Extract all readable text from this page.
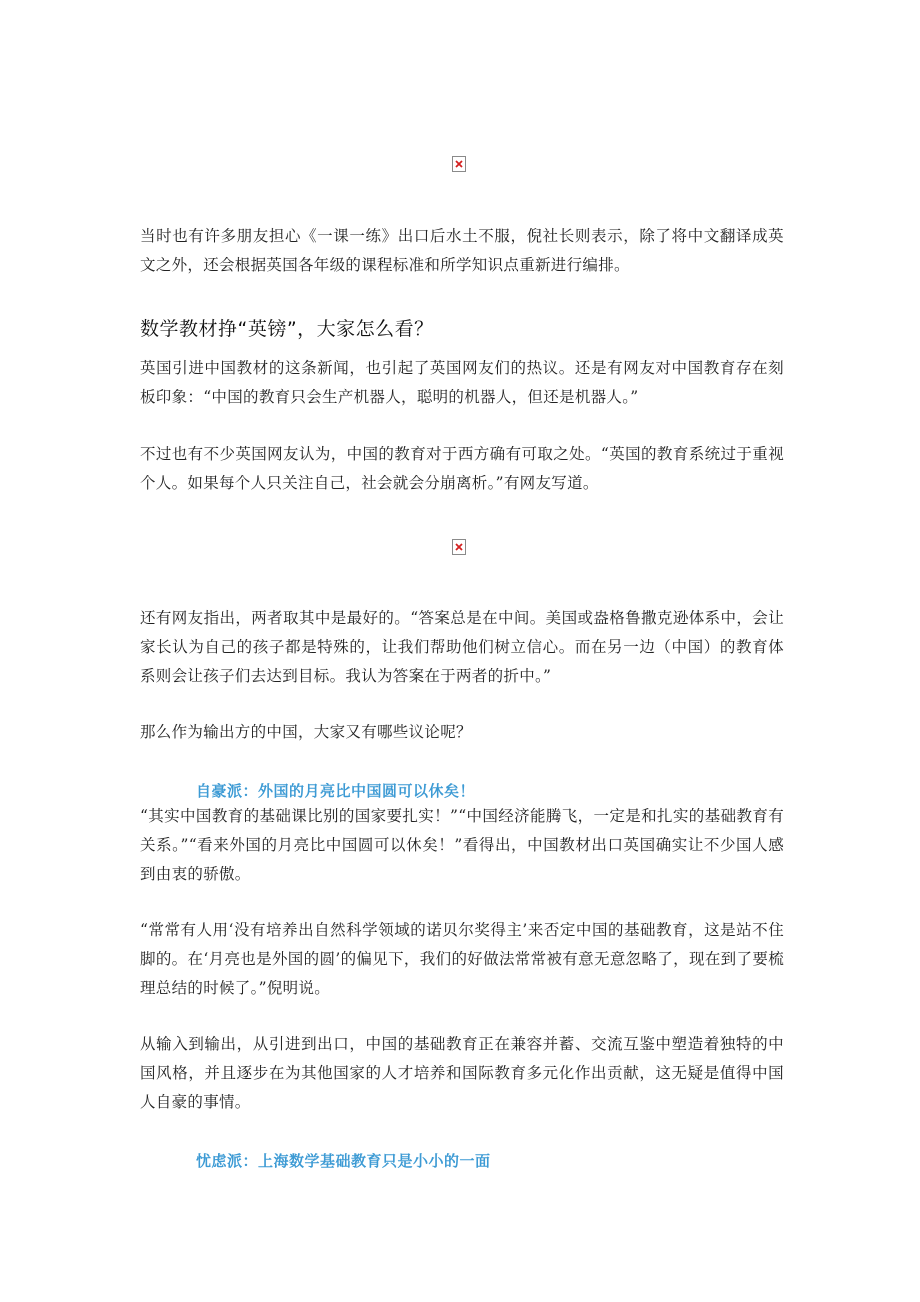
当时也有许多朋友担心《一课一练》出口后水土不服，倪社长则表示，除了将中文翻译成英文之外，还会根据英国各年级的课程标准和所学知识点重新进行编排。

数学教材挣“英镑”，大家怎么看？

英国引进中国教材的这条新闻，也引起了英国网友们的热议。还是有网友对中国教育存在刻板印象：“中国的教育只会生产机器人，聪明的机器人，但还是机器人。”

不过也有不少英国网友认为，中国的教育对于西方确有可取之处。“英国的教育系统过于重视个人。如果每个人只关注自己，社会就会分崩离析。”有网友写道。

还有网友指出，两者取其中是最好的。“答案总是在中间。美国或盎格鲁撒克逊体系中，会让家长认为自己的孩子都是特殊的，让我们帮助他们树立信心。而在另一边（中国）的教育体系则会让孩子们去达到目标。我认为答案在于两者的折中。”

那么作为输出方的中国，大家又有哪些议论呢？

自豪派：外国的月亮比中国圆可以休矣！

“其实中国教育的基础课比别的国家要扎实！”“中国经济能腾飞，一定是和扎实的基础教育有关系。”“看来外国的月亮比中国圆可以休矣！”看得出，中国教材出口英国确实让不少国人感到由衷的骄傲。

“常常有人用‘没有培养出自然科学领域的诺贝尔奖得主’来否定中国的基础教育，这是站不住脚的。在‘月亮也是外国的圆’的偏见下，我们的好做法常常被有意无意忽略了，现在到了要梳理总结的时候了。”倪明说。

从输入到输出，从引进到出口，中国的基础教育正在兼容并蓄、交流互鉴中塑造着独特的中国风格，并且逐步在为其他国家的人才培养和国际教育多元化作出贡献，这无疑是值得中国人自豪的事情。

忧虑派：上海数学基础教育只是小小的一面
